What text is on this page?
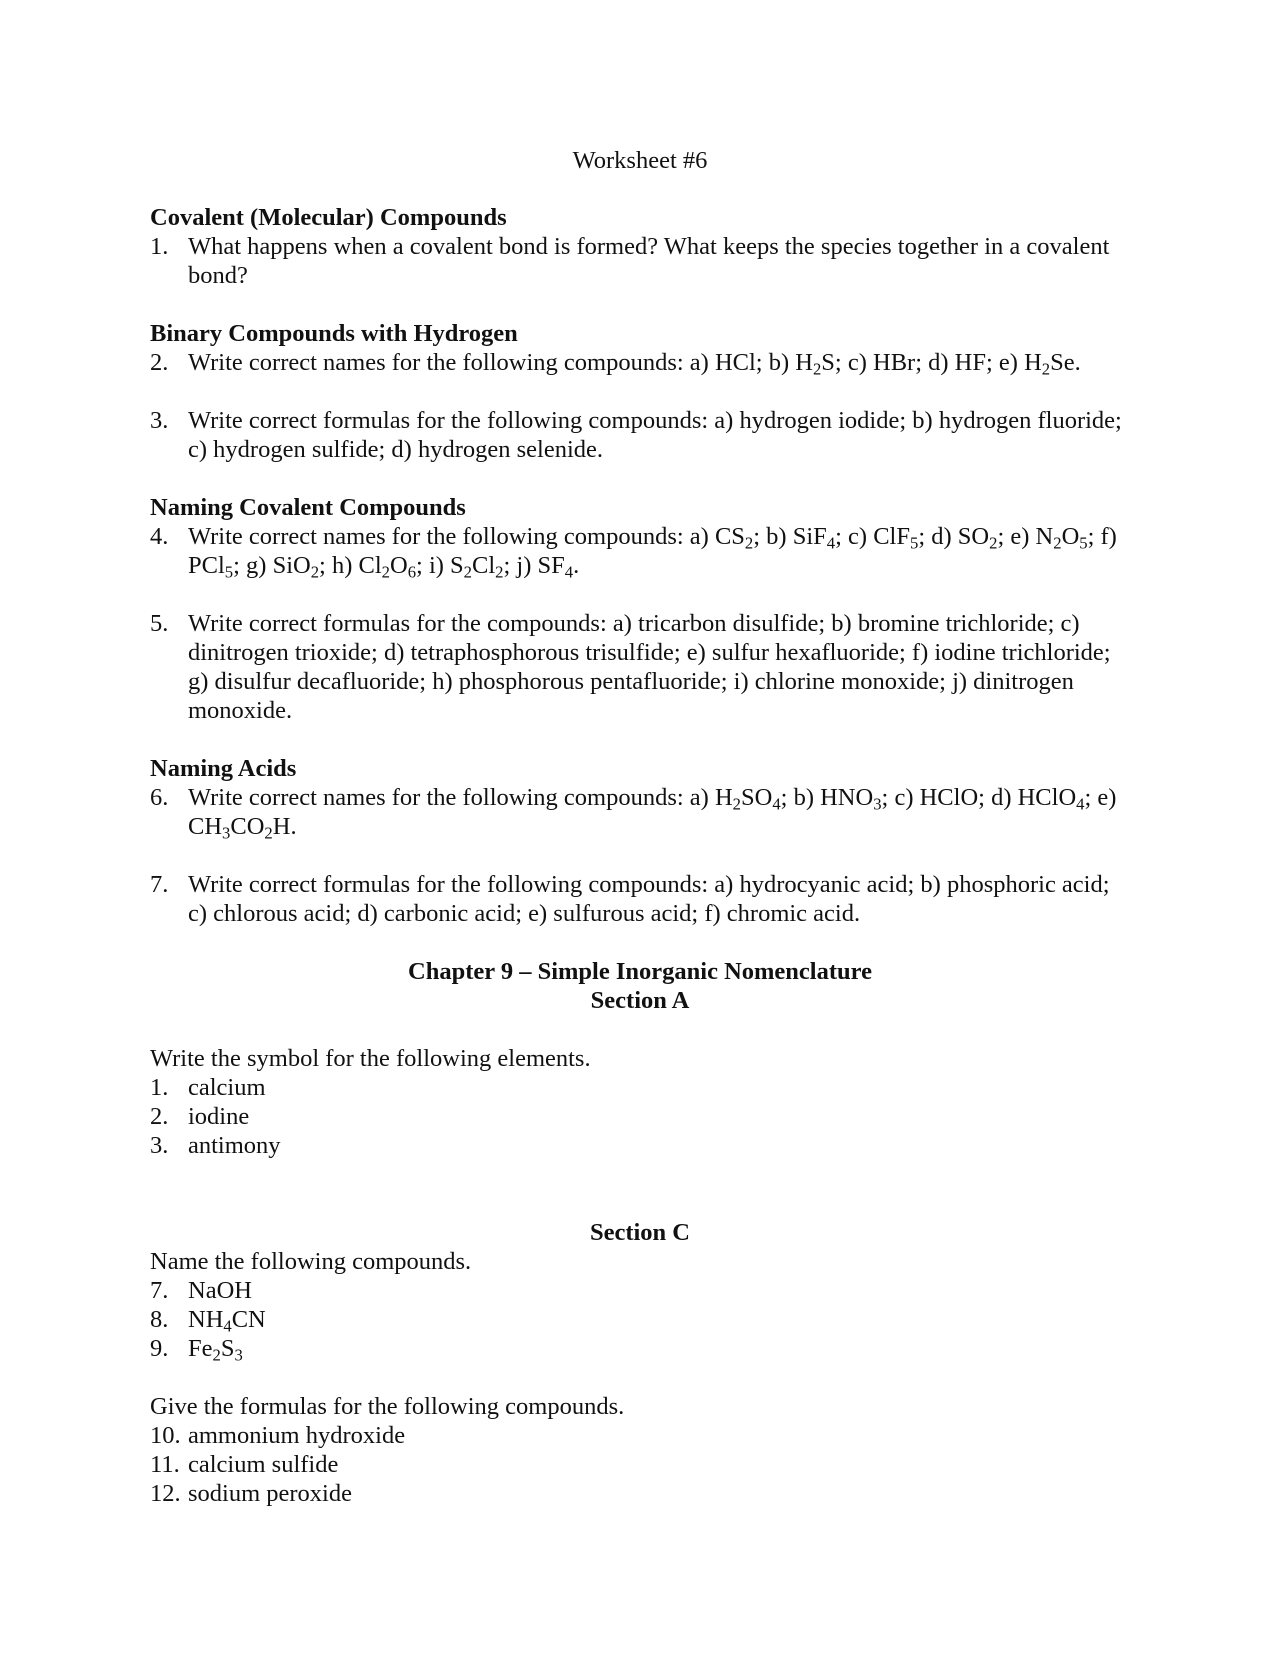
Worksheet #6

Covalent (Molecular) Compounds

1. What happens when a covalent bond is formed? What keeps the species together in a covalent bond?

Binary Compounds with Hydrogen

2. Write correct names for the following compounds: a) HCl; b) $H_2S$; c) HBr; d) HF; e) $H_2Se$.

3. Write correct formulas for the following compounds: a) hydrogen iodide; b) hydrogen fluoride; c) hydrogen sulfide; d) hydrogen selenide.

Naming Covalent Compounds

4. Write correct names for the following compounds: a) $CS_2$; b) SiF$_4$; c) ClF$_5$; d) $SO_2$; e) $N_2O_5$; f) PCl$_5$; g) SiO$_2$; h) $Cl_2O_6$; i) $S_2Cl_2$; j) $SF_4$.

5. Write correct formulas for the compounds: a) tricarbon disulfide; b) bromine trichloride; c) dinitrogen trioxide; d) tetraphosphorous trisulfide; e) sulfur hexafluoride; f) iodine trichloride; g) disulfur decafluoride; h) phosphorous pentafluoride; i) chlorine monoxide; j) dinitrogen monoxide.

Naming Acids

6. Write correct names for the following compounds: a) $H_2SO_4$; b) $HNO_3$; c) HClO; d) HClO$_4$; e) $CH_3CO_2H$.

7. Write correct formulas for the following compounds: a) hydrocyanic acid; b) phosphoric acid; c) chlorous acid; d) carbonic acid; e) sulfurous acid; f) chromic acid.

Chapter 9 – Simple Inorganic Nomenclature

Section A

Write the symbol for the following elements.

1. calcium

2. iodine

3. antimony

Section C

Name the following compounds.

7. NaOH

8. $NH_4CN$

9. $Fe_2S_3$

Give the formulas for the following compounds.

10. ammonium hydroxide

11. calcium sulfide

12. sodium peroxide
